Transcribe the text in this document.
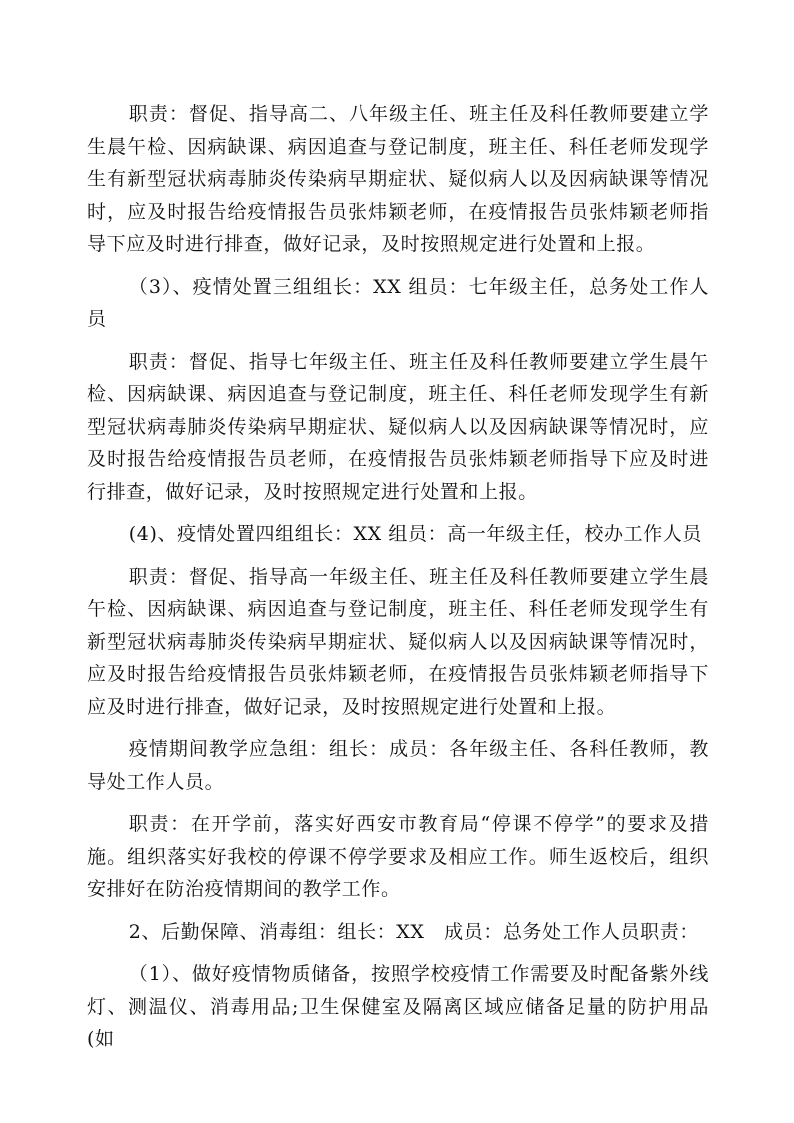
职责：督促、指导高二、八年级主任、班主任及科任教师要建立学生晨午检、因病缺课、病因追查与登记制度，班主任、科任老师发现学生有新型冠状病毒肺炎传染病早期症状、疑似病人以及因病缺课等情况时，应及时报告给疫情报告员张炜颖老师，在疫情报告员张炜颖老师指导下应及时进行排查，做好记录，及时按照规定进行处置和上报。

（3）、疫情处置三组组长：XX 组员：七年级主任，总务处工作人员

职责：督促、指导七年级主任、班主任及科任教师要建立学生晨午检、因病缺课、病因追查与登记制度，班主任、科任老师发现学生有新型冠状病毒肺炎传染病早期症状、疑似病人以及因病缺课等情况时，应及时报告给疫情报告员老师，在疫情报告员张炜颖老师指导下应及时进行排查，做好记录，及时按照规定进行处置和上报。

(4)、疫情处置四组组长：XX 组员：高一年级主任，校办工作人员

职责：督促、指导高一年级主任、班主任及科任教师要建立学生晨午检、因病缺课、病因追查与登记制度，班主任、科任老师发现学生有新型冠状病毒肺炎传染病早期症状、疑似病人以及因病缺课等情况时，应及时报告给疫情报告员张炜颖老师，在疫情报告员张炜颖老师指导下应及时进行排查，做好记录，及时按照规定进行处置和上报。

疫情期间教学应急组：组长：成员：各年级主任、各科任教师，教导处工作人员。

职责：在开学前，落实好西安市教育局“停课不停学”的要求及措施。组织落实好我校的停课不停学要求及相应工作。师生返校后，组织安排好在防治疫情期间的教学工作。

2、后勤保障、消毒组：组长：XX　成员：总务处工作人员职责：

（1）、做好疫情物质储备，按照学校疫情工作需要及时配备紫外线灯、测温仪、消毒用品;卫生保健室及隔离区域应储备足量的防护用品(如
